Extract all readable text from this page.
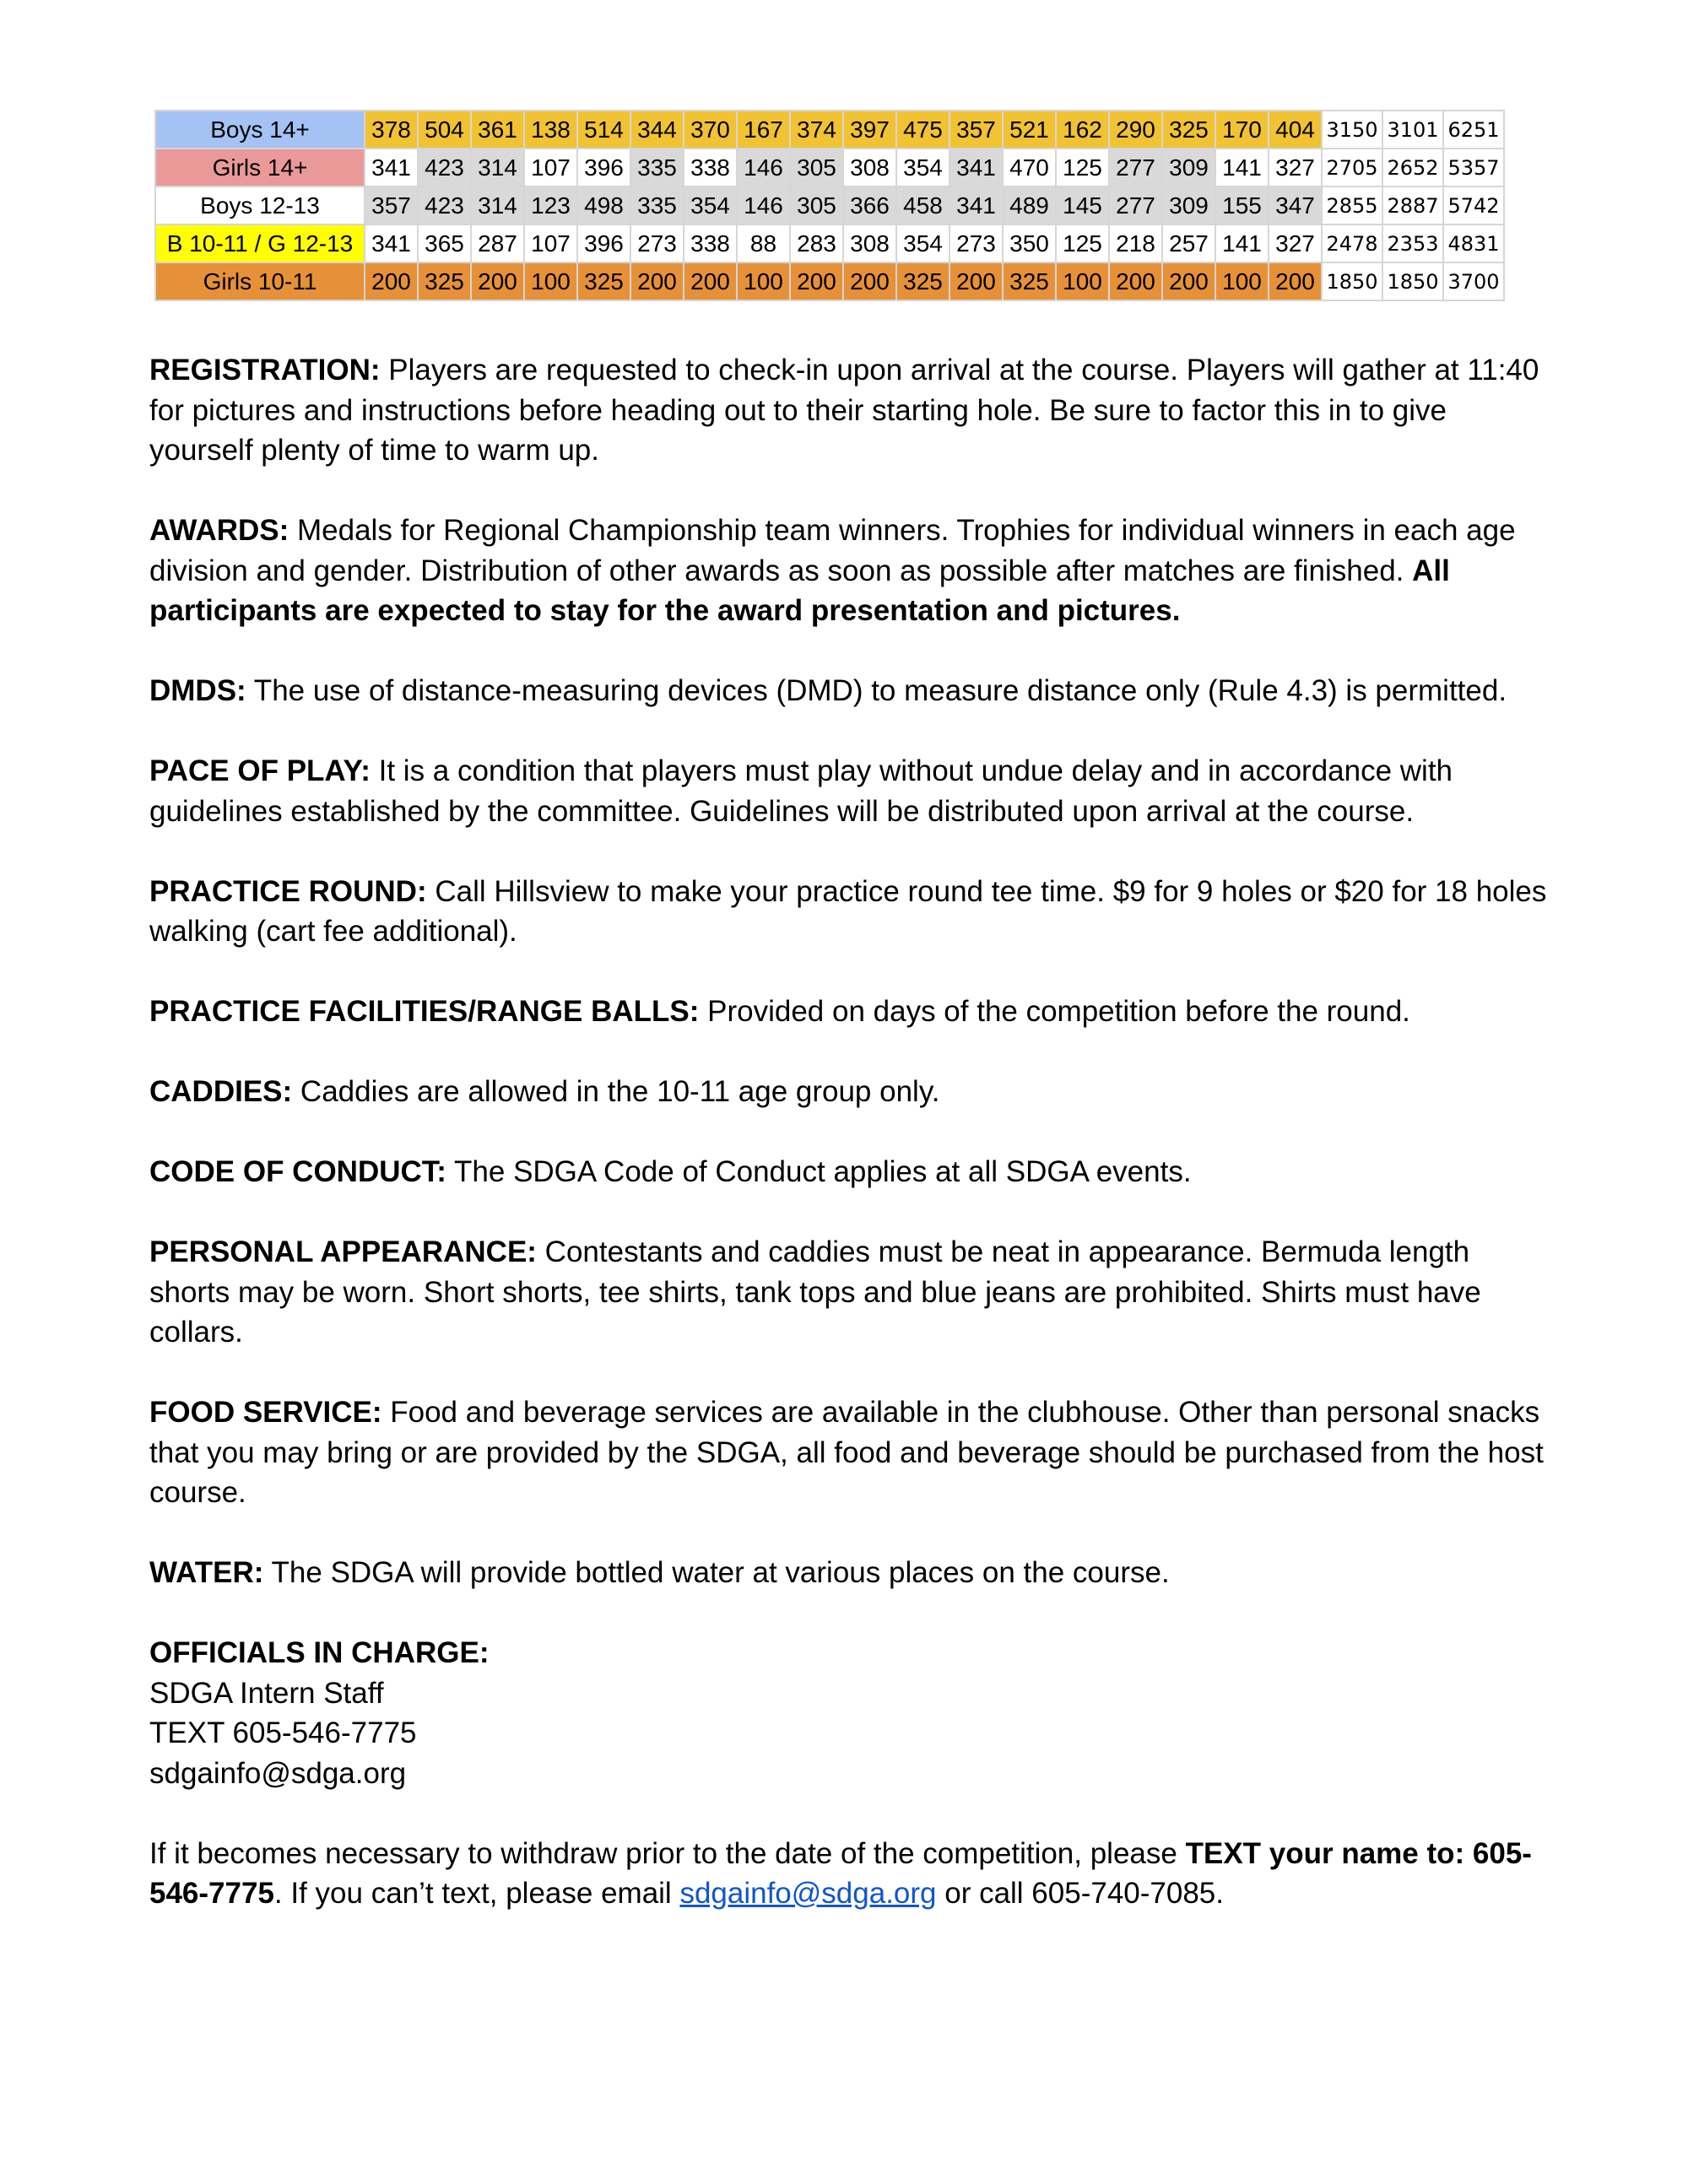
Boys 14+	378	504	361	138	514	344	370	167	374	397	475	357	521	162	290	325	170	404	3150	3101	6251
Girls 14+	341	423	314	107	396	335	338	146	305	308	354	341	470	125	277	309	141	327	2705	2652	5357
Boys 12-13	357	423	314	123	498	335	354	146	305	366	458	341	489	145	277	309	155	347	2855	2887	5742
B 10-11 / G 12-13	341	365	287	107	396	273	338	88	283	308	354	273	350	125	218	257	141	327	2478	2353	4831
Girls 10-11	200	325	200	100	325	200	200	100	200	200	325	200	325	100	200	200	100	200	1850	1850	3700

REGISTRATION: Players are requested to check-in upon arrival at the course. Players will gather at 11:40 for pictures and instructions before heading out to their starting hole. Be sure to factor this in to give yourself plenty of time to warm up.

AWARDS: Medals for Regional Championship team winners. Trophies for individual winners in each age division and gender. Distribution of other awards as soon as possible after matches are finished. All participants are expected to stay for the award presentation and pictures.

DMDS: The use of distance-measuring devices (DMD) to measure distance only (Rule 4.3) is permitted.

PACE OF PLAY: It is a condition that players must play without undue delay and in accordance with guidelines established by the committee. Guidelines will be distributed upon arrival at the course.

PRACTICE ROUND: Call Hillsview to make your practice round tee time. $9 for 9 holes or $20 for 18 holes walking (cart fee additional).

PRACTICE FACILITIES/RANGE BALLS: Provided on days of the competition before the round.

CADDIES: Caddies are allowed in the 10-11 age group only.

CODE OF CONDUCT: The SDGA Code of Conduct applies at all SDGA events.

PERSONAL APPEARANCE: Contestants and caddies must be neat in appearance. Bermuda length shorts may be worn. Short shorts, tee shirts, tank tops and blue jeans are prohibited. Shirts must have collars.

FOOD SERVICE: Food and beverage services are available in the clubhouse. Other than personal snacks that you may bring or are provided by the SDGA, all food and beverage should be purchased from the host course.

WATER: The SDGA will provide bottled water at various places on the course.

OFFICIALS IN CHARGE:
SDGA Intern Staff
TEXT 605-546-7775
sdgainfo@sdga.org

If it becomes necessary to withdraw prior to the date of the competition, please TEXT your name to: 605-546-7775. If you can’t text, please email sdgainfo@sdga.org or call 605-740-7085.
